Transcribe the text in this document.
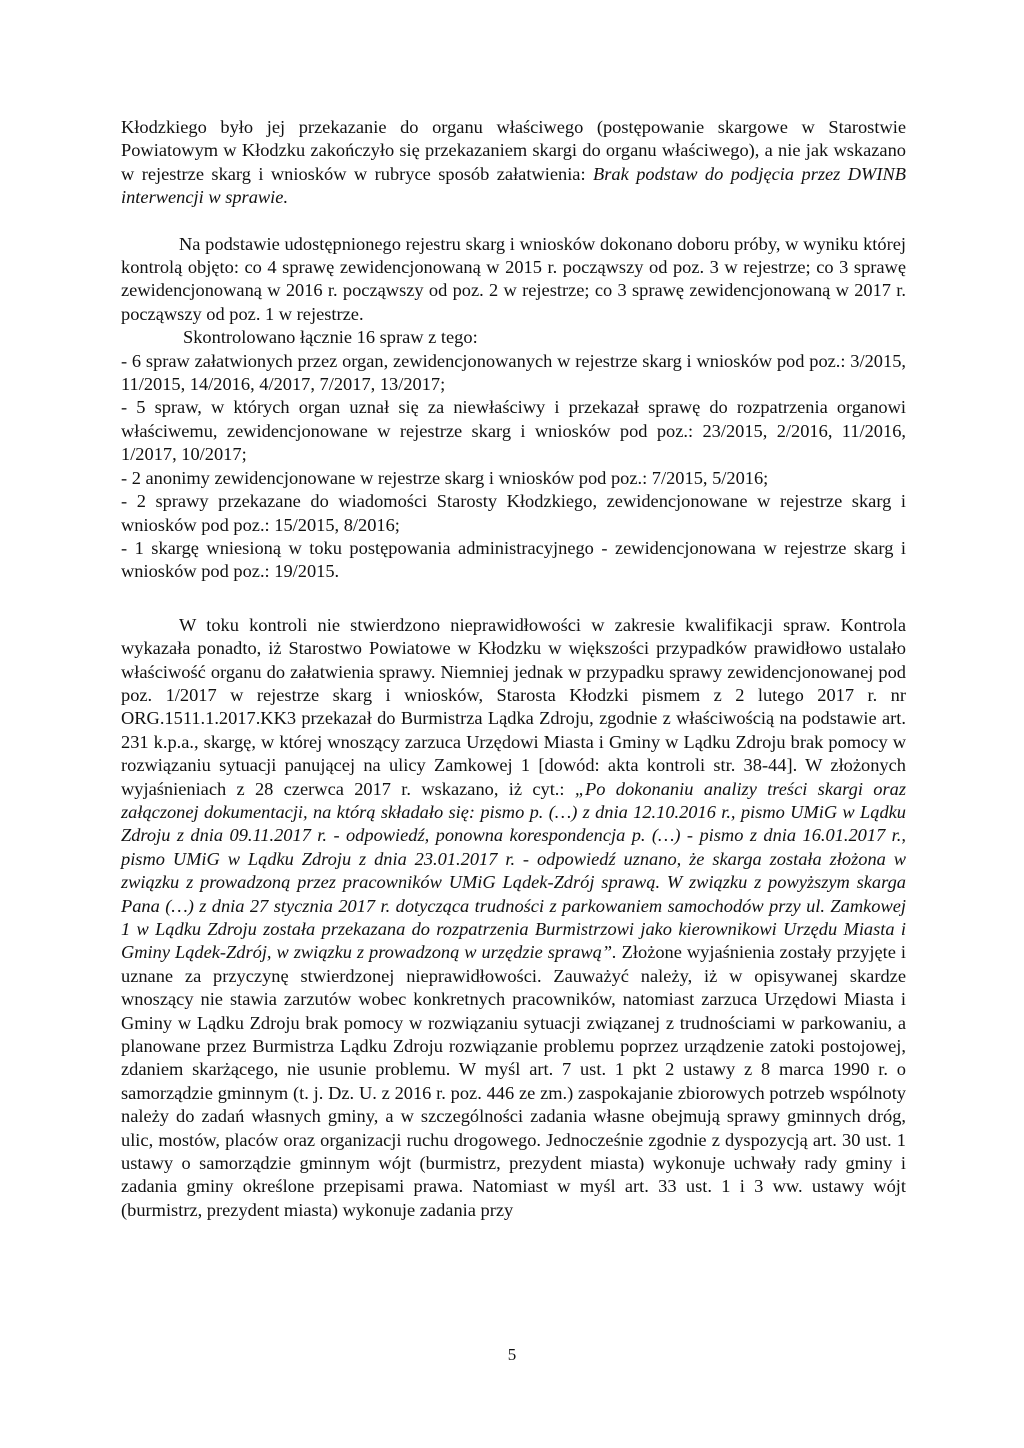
Kłodzkiego było jej przekazanie do organu właściwego (postępowanie skargowe w Starostwie Powiatowym w Kłodzku zakończyło się przekazaniem skargi do organu właściwego), a nie jak wskazano w rejestrze skarg i wniosków w rubryce sposób załatwienia: Brak podstaw do podjęcia przez DWINB interwencji w sprawie.

Na podstawie udostępnionego rejestru skarg i wniosków dokonano doboru próby, w wyniku której kontrolą objęto: co 4 sprawę zewidencjonowaną w 2015 r. począwszy od poz. 3 w rejestrze; co 3 sprawę zewidencjonowaną w 2016 r. począwszy od poz. 2 w rejestrze; co 3 sprawę zewidencjonowaną w 2017 r. począwszy od poz. 1 w rejestrze.

Skontrolowano łącznie 16 spraw z tego:

- 6 spraw załatwionych przez organ, zewidencjonowanych w rejestrze skarg i wniosków pod poz.: 3/2015, 11/2015, 14/2016, 4/2017, 7/2017, 13/2017;

- 5 spraw, w których organ uznał się za niewłaściwy i przekazał sprawę do rozpatrzenia organowi właściwemu, zewidencjonowane w rejestrze skarg i wniosków pod poz.: 23/2015, 2/2016, 11/2016, 1/2017, 10/2017;

- 2 anonimy zewidencjonowane w rejestrze skarg i wniosków pod poz.: 7/2015, 5/2016;

- 2 sprawy przekazane do wiadomości Starosty Kłodzkiego, zewidencjonowane w rejestrze skarg i wniosków pod poz.: 15/2015, 8/2016;

- 1 skargę wniesioną w toku postępowania administracyjnego - zewidencjonowana w rejestrze skarg i wniosków pod poz.: 19/2015.

W toku kontroli nie stwierdzono nieprawidłowości w zakresie kwalifikacji spraw. Kontrola wykazała ponadto, iż Starostwo Powiatowe w Kłodzku w większości przypadków prawidłowo ustalało właściwość organu do załatwienia sprawy. Niemniej jednak w przypadku sprawy zewidencjonowanej pod poz. 1/2017 w rejestrze skarg i wniosków, Starosta Kłodzki pismem z 2 lutego 2017 r. nr ORG.1511.1.2017.KK3 przekazał do Burmistrza Lądka Zdroju, zgodnie z właściwością na podstawie art. 231 k.p.a., skargę, w której wnoszący zarzuca Urzędowi Miasta i Gminy w Lądku Zdroju brak pomocy w rozwiązaniu sytuacji panującej na ulicy Zamkowej 1 [dowód: akta kontroli str. 38-44]. W złożonych wyjaśnieniach z 28 czerwca 2017 r. wskazano, iż cyt.: „Po dokonaniu analizy treści skargi oraz załączonej dokumentacji, na którą składało się: pismo p. (…) z dnia 12.10.2016 r., pismo UMiG w Lądku Zdroju z dnia 09.11.2017 r. - odpowiedź, ponowna korespondencja p. (…) - pismo z dnia 16.01.2017 r., pismo UMiG w Lądku Zdroju z dnia 23.01.2017 r. - odpowiedź uznano, że skarga została złożona w związku z prowadzoną przez pracowników UMiG Lądek-Zdrój sprawą. W związku z powyższym skarga Pana (…) z dnia 27 stycznia 2017 r. dotycząca trudności z parkowaniem samochodów przy ul. Zamkowej 1 w Lądku Zdroju została przekazana do rozpatrzenia Burmistrzowi jako kierownikowi Urzędu Miasta i Gminy Lądek-Zdrój, w związku z prowadzoną w urzędzie sprawą”. Złożone wyjaśnienia zostały przyjęte i uznane za przyczynę stwierdzonej nieprawidłowości. Zauważyć należy, iż w opisywanej skardze wnoszący nie stawia zarzutów wobec konkretnych pracowników, natomiast zarzuca Urzędowi Miasta i Gminy w Lądku Zdroju brak pomocy w rozwiązaniu sytuacji związanej z trudnościami w parkowaniu, a planowane przez Burmistrza Lądku Zdroju rozwiązanie problemu poprzez urządzenie zatoki postojowej, zdaniem skarżącego, nie usunie problemu. W myśl art. 7 ust. 1 pkt 2 ustawy z 8 marca 1990 r. o samorządzie gminnym (t. j. Dz. U. z 2016 r. poz. 446 ze zm.) zaspokajanie zbiorowych potrzeb wspólnoty należy do zadań własnych gminy, a w szczególności zadania własne obejmują sprawy gminnych dróg, ulic, mostów, placów oraz organizacji ruchu drogowego. Jednocześnie zgodnie z dyspozycją art. 30 ust. 1 ustawy o samorządzie gminnym wójt (burmistrz, prezydent miasta) wykonuje uchwały rady gminy i zadania gminy określone przepisami prawa. Natomiast w myśl art. 33 ust. 1 i 3 ww. ustawy wójt (burmistrz, prezydent miasta) wykonuje zadania przy

5
